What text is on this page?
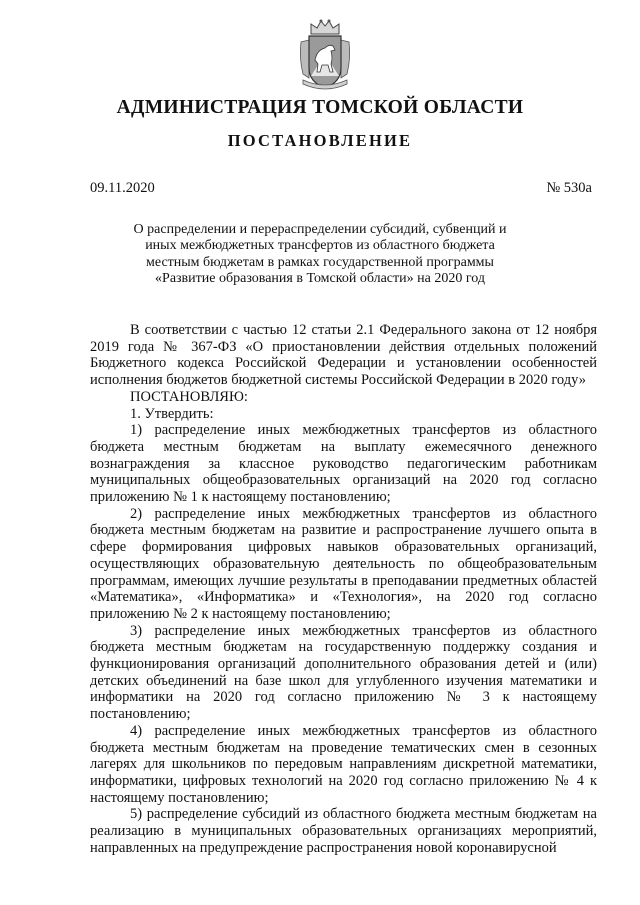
АДМИНИСТРАЦИЯ ТОМСКОЙ ОБЛАСТИ
ПОСТАНОВЛЕНИЕ
09.11.2020	№ 530а
О распределении и перераспределении субсидий, субвенций и иных межбюджетных трансфертов из областного бюджета местным бюджетам в рамках государственной программы «Развитие образования в Томской области» на 2020 год

В соответствии с частью 12 статьи 2.1 Федерального закона от 12 ноября 2019 года № 367-ФЗ «О приостановлении действия отдельных положений Бюджетного кодекса Российской Федерации и установлении особенностей исполнения бюджетов бюджетной системы Российской Федерации в 2020 году»

ПОСТАНОВЛЯЮ:

1. Утвердить:

1) распределение иных межбюджетных трансфертов из областного бюджета местным бюджетам на выплату ежемесячного денежного вознаграждения за классное руководство педагогическим работникам муниципальных общеобразовательных организаций на 2020 год согласно приложению № 1 к настоящему постановлению;

2) распределение иных межбюджетных трансфертов из областного бюджета местным бюджетам на развитие и распространение лучшего опыта в сфере формирования цифровых навыков образовательных организаций, осуществляющих образовательную деятельность по общеобразовательным программам, имеющих лучшие результаты в преподавании предметных областей «Математика», «Информатика» и «Технология», на 2020 год согласно приложению № 2 к настоящему постановлению;

3) распределение иных межбюджетных трансфертов из областного бюджета местным бюджетам на государственную поддержку создания и функционирования организаций дополнительного образования детей и (или) детских объединений на базе школ для углубленного изучения математики и информатики на 2020 год согласно приложению № 3 к настоящему постановлению;

4) распределение иных межбюджетных трансфертов из областного бюджета местным бюджетам на проведение тематических смен в сезонных лагерях для школьников по передовым направлениям дискретной математики, информатики, цифровых технологий на 2020 год согласно приложению № 4 к настоящему постановлению;

5) распределение субсидий из областного бюджета местным бюджетам на реализацию в муниципальных образовательных организациях мероприятий, направленных на предупреждение распространения новой коронавирусной
